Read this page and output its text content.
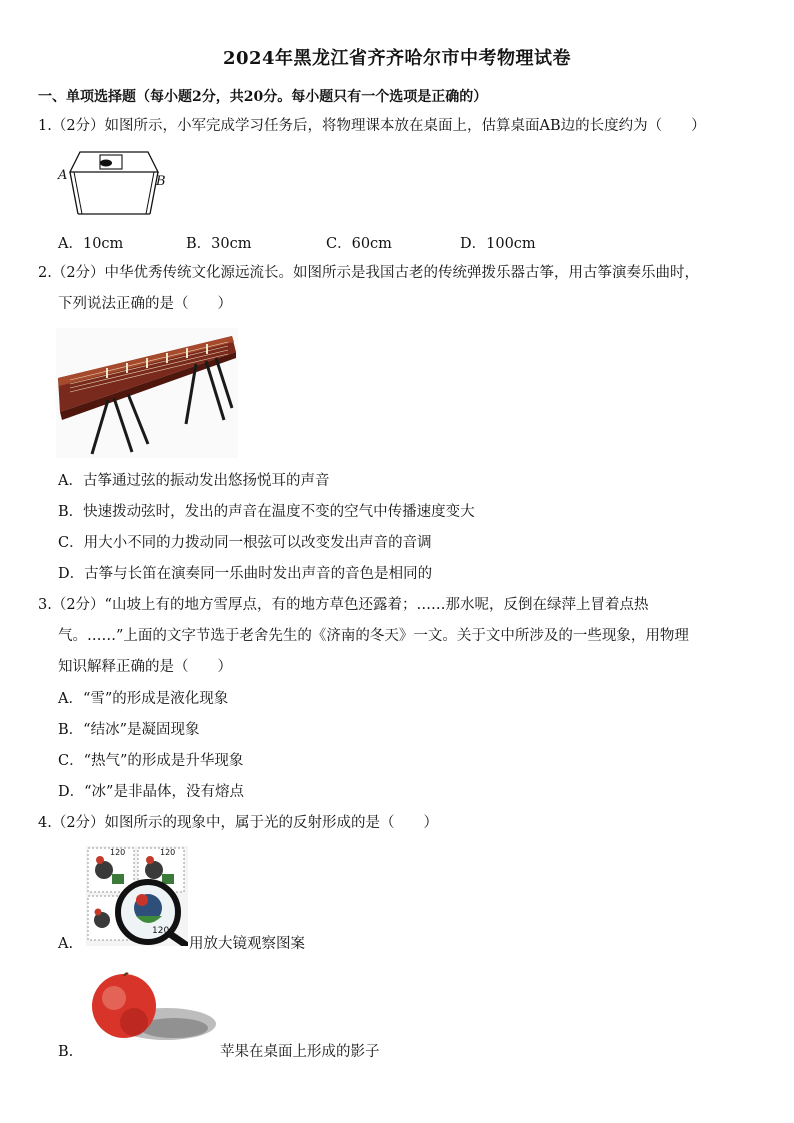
2024年黑龙江省齐齐哈尔市中考物理试卷
一、单项选择题（每小题2分，共20分。每小题只有一个选项是正确的）
1.（2分）如图所示，小军完成学习任务后，将物理课本放在桌面上，估算桌面AB边的长度约为（　　）
A	B
A．10cm	B．30cm	C．60cm	D．100cm
2.（2分）中华优秀传统文化源远流长。如图所示是我国古老的传统弹拨乐器古筝，用古筝演奏乐曲时，
下列说法正确的是（　　）
A．古筝通过弦的振动发出悠扬悦耳的声音
B．快速拨动弦时，发出的声音在温度不变的空气中传播速度变大
C．用大小不同的力拨动同一根弦可以改变发出声音的音调
D．古筝与长笛在演奏同一乐曲时发出声音的音色是相同的
3.（2分）“山坡上有的地方雪厚点，有的地方草色还露着；……那水呢，反倒在绿萍上冒着点热
气。……”上面的文字节选于老舍先生的《济南的冬天》一文。关于文中所涉及的一些现象，用物理
知识解释正确的是（　　）
A．“雪”的形成是液化现象
B．“结冰”是凝固现象
C．“热气”的形成是升华现象
D．“冰”是非晶体，没有熔点
4.（2分）如图所示的现象中，属于光的反射形成的是（　　）
120	120
120
A.	用放大镜观察图案
B.	苹果在桌面上形成的影子
